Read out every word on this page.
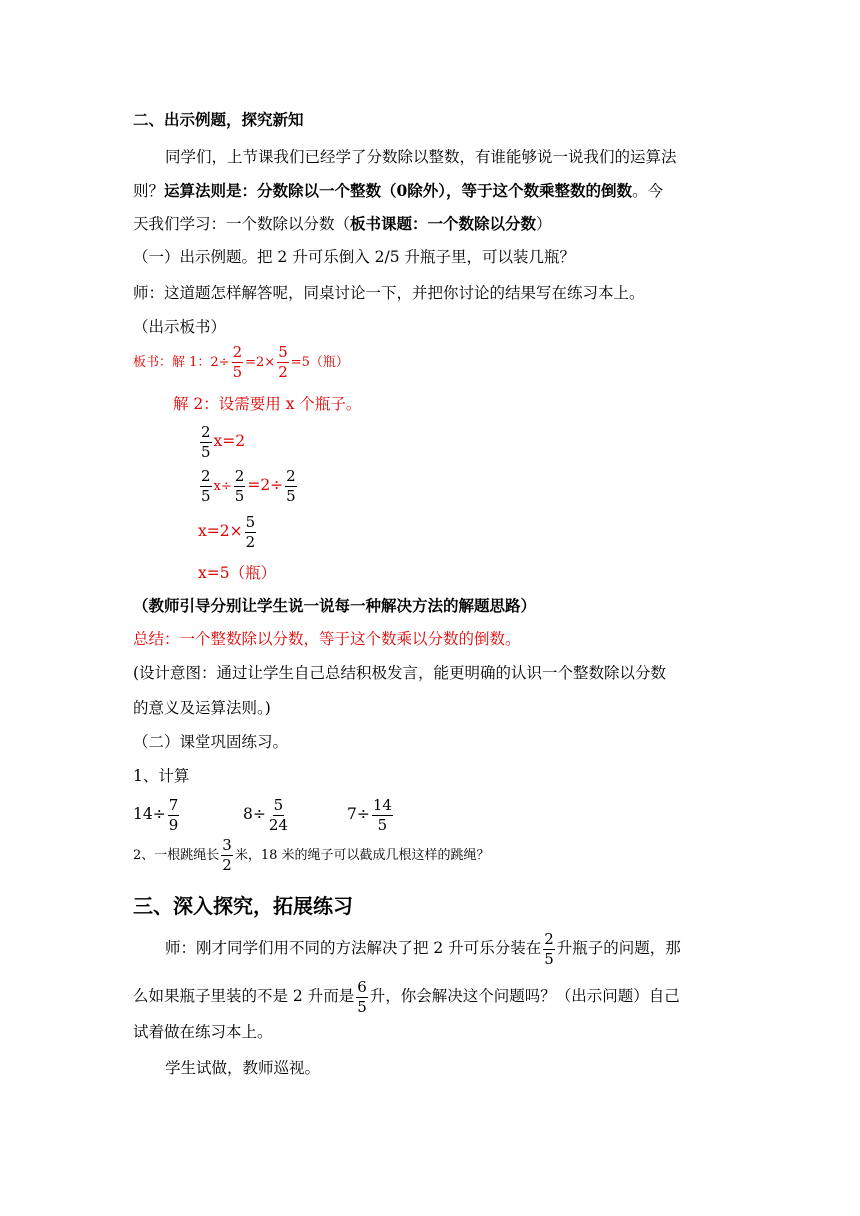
二、出示例题，探究新知
同学们，上节课我们已经学了分数除以整数，有谁能够说一说我们的运算法
则？运算法则是：分数除以一个整数（0除外），等于这个数乘整数的倒数。今
天我们学习：一个数除以分数（板书课题：一个数除以分数）
（一）出示例题。把 2 升可乐倒入 2/5 升瓶子里，可以装几瓶？
师：这道题怎样解答呢，同桌讨论一下，并把你讨论的结果写在练习本上。
（出示板书）
板书：解 1：$2\div \frac{2}{5} =2\times \frac{5}{2} =5$（瓶）
解 2：设需要用 x 个瓶子。
$\frac{2}{5} x=2$
$\frac{2}{5} x\div \frac{2}{5} =2\div \frac{2}{5}$
$x=2\times \frac{5}{2}$
x=5（瓶）
（教师引导分别让学生说一说每一种解决方法的解题思路）
总结：一个整数除以分数，等于这个数乘以分数的倒数。
(设计意图：通过让学生自己总结积极发言，能更明确的认识一个整数除以分数
的意义及运算法则。)
（二）课堂巩固练习。
1、计算
$14\div \frac{7}{9}$	$8\div \frac{5}{24}$	$7\div \frac{14}{5}$
2、一根跳绳长 $\frac{3}{2}$ 米，18 米的绳子可以截成几根这样的跳绳？
三、深入探究，拓展练习
师：刚才同学们用不同的方法解决了把 2 升可乐分装在 $\frac{2}{5}$ 升瓶子的问题，那
么如果瓶子里装的不是 2 升而是 $\frac{6}{5}$ 升，你会解决这个问题吗？（出示问题）自己
试着做在练习本上。
学生试做，教师巡视。
